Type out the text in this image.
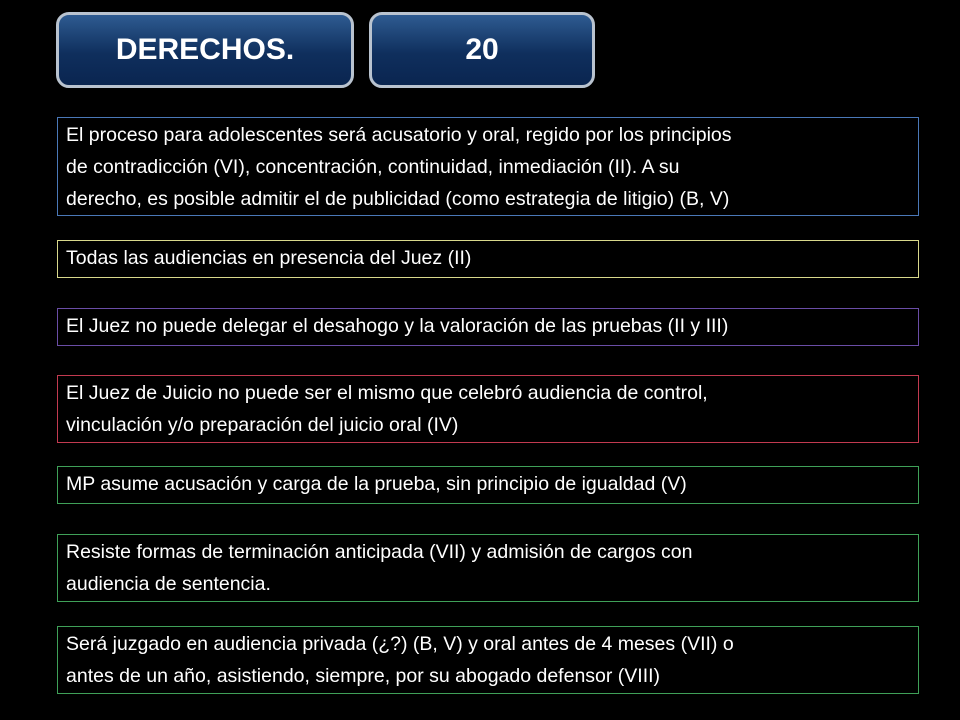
DERECHOS.	20
El proceso para adolescentes será acusatorio y oral, regido por los principios
de contradicción (VI), concentración, continuidad, inmediación (II). A su
derecho, es posible admitir el de publicidad (como estrategia de litigio) (B, V)
Todas las audiencias en presencia del Juez (II)
El Juez no puede delegar el desahogo y la valoración de las pruebas (II y III)
El Juez de Juicio no puede ser el mismo que celebró audiencia de control,
vinculación y/o preparación del juicio oral (IV)
MP asume acusación y carga de la prueba, sin principio de igualdad (V)
Resiste formas de terminación anticipada (VII) y admisión de cargos con
audiencia de sentencia.
Será juzgado en audiencia privada (¿?) (B, V) y oral antes de 4 meses (VII) o
antes de un año, asistiendo, siempre, por su abogado defensor (VIII)
